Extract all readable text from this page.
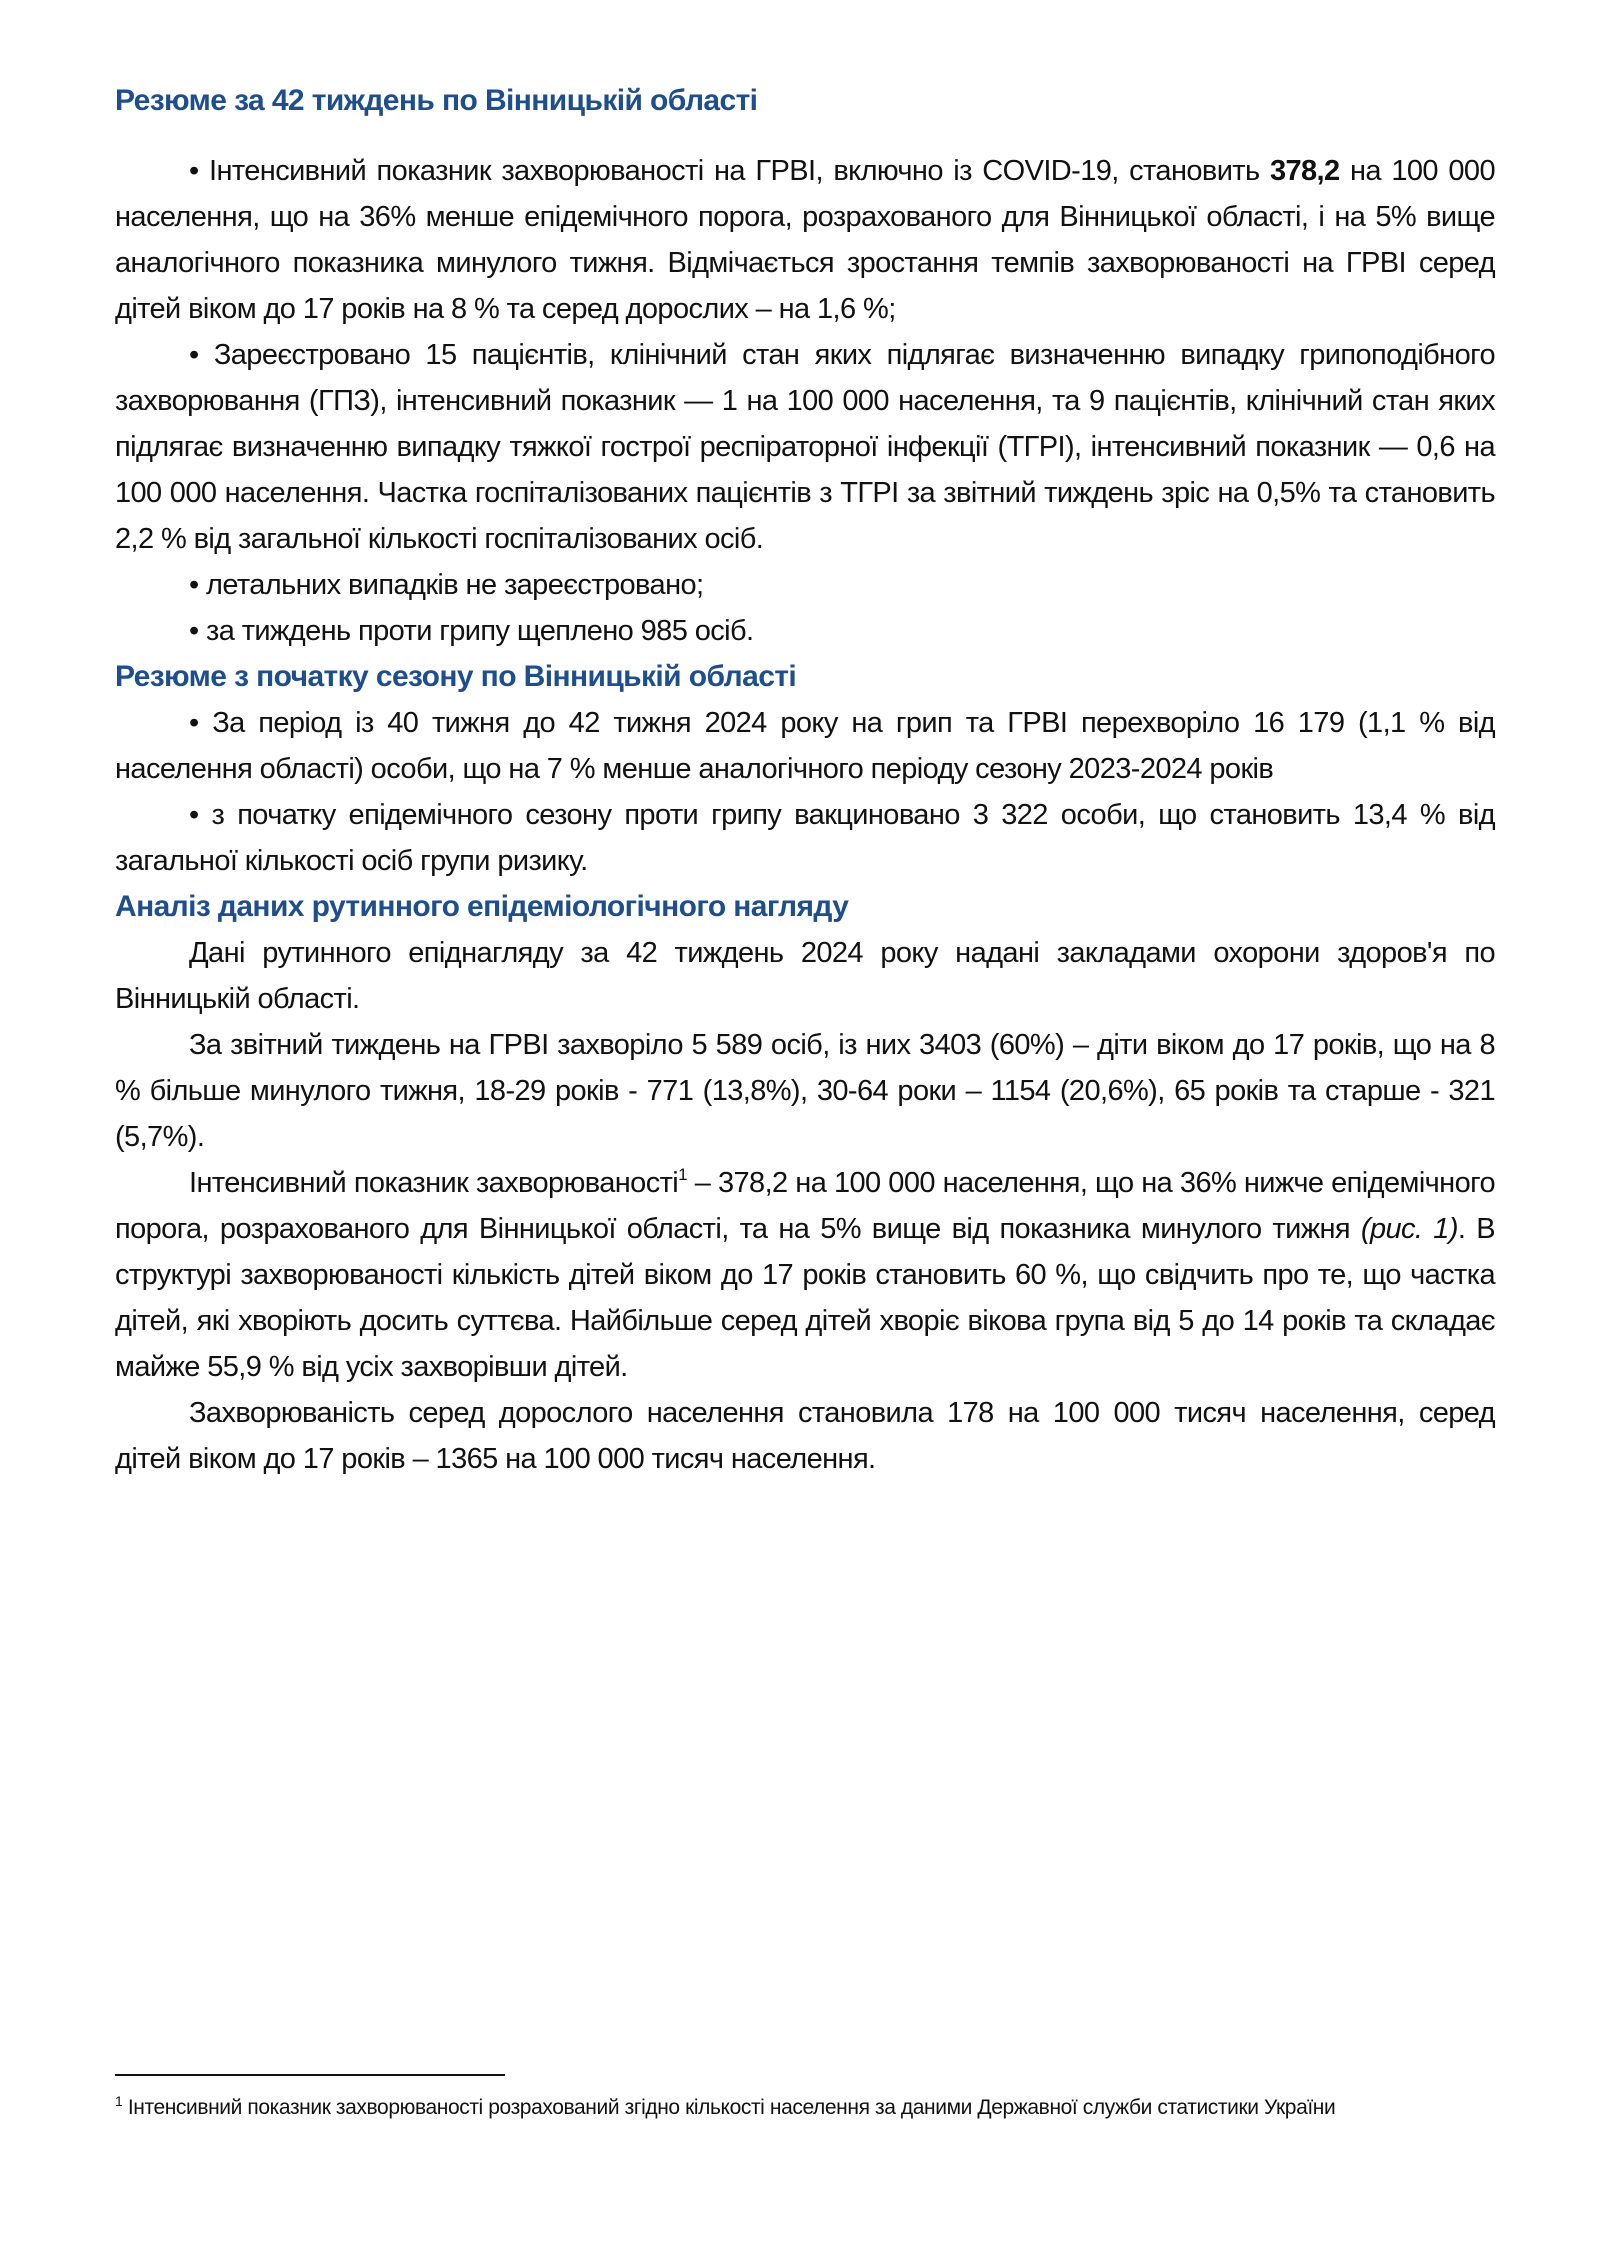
Резюме за 42 тиждень по Вінницькій області

• Інтенсивний показник захворюваності на ГРВІ, включно із COVID-19, становить 378,2 на 100 000 населення, що на 36% менше епідемічного порога, розрахованого для Вінницької області, і на 5% вище аналогічного показника минулого тижня. Відмічається зростання темпів захворюваності на ГРВІ серед дітей віком до 17 років на 8 % та серед дорослих – на 1,6 %;

• Зареєстровано 15 пацієнтів, клінічний стан яких підлягає визначенню випадку грипоподібного захворювання (ГПЗ), інтенсивний показник — 1 на 100 000 населення, та 9 пацієнтів, клінічний стан яких підлягає визначенню випадку тяжкої гострої респіраторної інфекції (ТГРІ), інтенсивний показник — 0,6 на 100 000 населення. Частка госпіталізованих пацієнтів з ТГРІ за звітний тиждень зріс на 0,5% та становить 2,2 % від загальної кількості госпіталізованих осіб.

• летальних випадків не зареєстровано;

• за тиждень проти грипу щеплено 985 осіб.

Резюме з початку сезону по Вінницькій області

• За період із 40 тижня до 42 тижня 2024 року на грип та ГРВІ перехворіло 16 179 (1,1 % від населення області) особи, що на 7 % менше аналогічного періоду сезону 2023-2024 років

• з початку епідемічного сезону проти грипу вакциновано 3 322 особи, що становить 13,4 % від загальної кількості осіб групи ризику.

Аналіз даних рутинного епідеміологічного нагляду

Дані рутинного епіднагляду за 42 тиждень 2024 року надані закладами охорони здоров'я по Вінницькій області.

За звітний тиждень на ГРВІ захворіло 5 589 осіб, із них 3403 (60%) – діти віком до 17 років, що на 8 % більше минулого тижня, 18-29 років - 771 (13,8%), 30-64 роки – 1154 (20,6%), 65 років та старше - 321 (5,7%).

Інтенсивний показник захворюваності$^1$ – 378,2 на 100 000 населення, що на 36% нижче епідемічного порога, розрахованого для Вінницької області, та на 5% вище від показника минулого тижня (рис. 1). В структурі захворюваності кількість дітей віком до 17 років становить 60 %, що свідчить про те, що частка дітей, які хворіють досить суттєва. Найбільше серед дітей хворіє вікова група від 5 до 14 років та складає майже 55,9 % від усіх захворівши дітей.

Захворюваність серед дорослого населення становила 178 на 100 000 тисяч населення, серед дітей віком до 17 років – 1365 на 100 000 тисяч населення.

$^1$ Інтенсивний показник захворюваності розрахований згідно кількості населення за даними Державної служби статистики України
